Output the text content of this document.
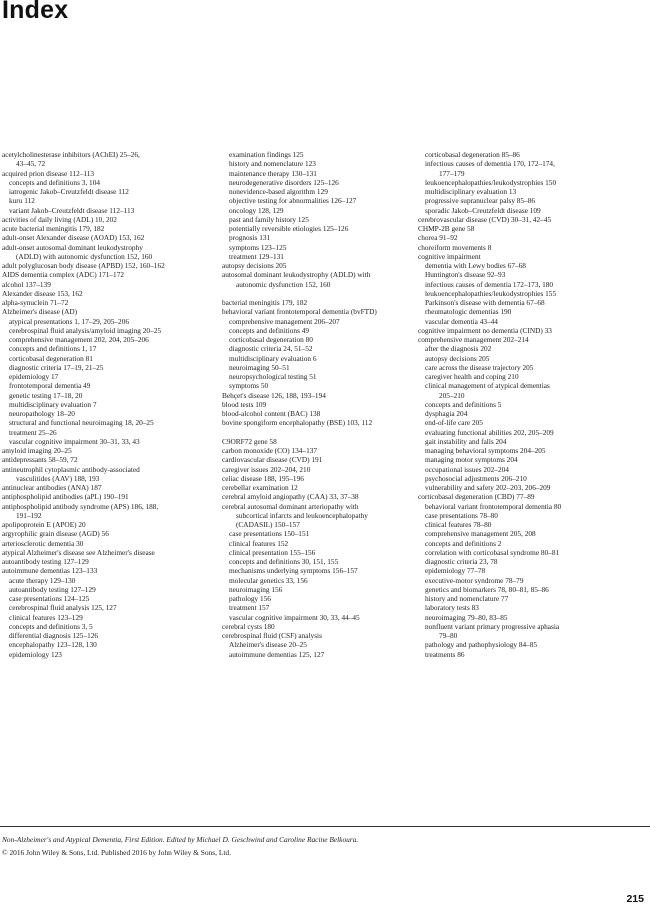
Index
acetylcholinesterase inhibitors (AChEI) 25–26,
43–45, 72
acquired prion disease 112–113
concepts and definitions 3, 104
iatrogenic Jakob–Creutzfeldt disease 112
kuru 112
variant Jakob–Creutzfeldt disease 112–113
activities of daily living (ADL) 10, 202
acute bacterial meningitis 179, 182
adult-onset Alexander disease (AOAD) 153, 162
adult-onset autosomal dominant leukodystrophy
(ADLD) with autonomic dysfunction 152, 160
adult polyglucosan body disease (APBD) 152, 160–162
AIDS dementia complex (ADC) 171–172
alcohol 137–139
Alexander disease 153, 162
alpha-synuclein 71–72
Alzheimer's disease (AD)
atypical presentations 1, 17–29, 205–206
cerebrospinal fluid analysis/amyloid imaging 20–25
comprehensive management 202, 204, 205–206
concepts and definitions 1, 17
corticobasal degeneration 81
diagnostic criteria 17–19, 21–25
epidemiology 17
frontotemporal dementia 49
genetic testing 17–18, 20
multidisciplinary evaluation 7
neuropathology 18–20
structural and functional neuroimaging 18, 20–25
treatment 25–26
vascular cognitive impairment 30–31, 33, 43
amyloid imaging 20–25
antidepressants 58–59, 72
antineutrophil cytoplasmic antibody-associated
vasculitides (AAV) 188, 193
antinuclear antibodies (ANA) 187
antiphospholipid antibodies (aPL) 190–191
antiphospholipid antibody syndrome (APS) 186, 188,
191–192
apolipoprotein E (APOE) 20
argyrophilic grain disease (AGD) 56
arteriosclerotic dementia 30
atypical Alzheimer's disease see Alzheimer's disease
autoantibody testing 127–129
autoimmune dementias 123–133
acute therapy 129–130
autoantibody testing 127–129
case presentations 124–125
cerebrospinal fluid analysis 125, 127
clinical features 123–129
concepts and definitions 3, 5
differential diagnosis 125–126
encephalopathy 123–128, 130
epidemiology 123
examination findings 125
history and nomenclature 123
maintenance therapy 130–131
neurodegenerative disorders 125–126
nonevidence-based algorithm 129
objective testing for abnormalities 126–127
oncology 128, 129
past and family history 125
potentially reversible etiologies 125–126
prognosis 131
symptoms 123–125
treatment 129–131
autopsy decisions 205
autosomal dominant leukodystrophy (ADLD) with
autonomic dysfunction 152, 160
bacterial meningitis 179, 182
behavioral variant frontotemporal dementia (bvFTD)
comprehensive management 206–207
concepts and definitions 49
corticobasal degeneration 80
diagnostic criteria 24, 51–52
multidisciplinary evaluation 6
neuroimaging 50–51
neuropsychological testing 51
symptoms 50
Behçet's disease 126, 188, 193–194
blood tests 109
blood-alcohol content (BAC) 138
bovine spongiform encephalopathy (BSE) 103, 112
C9ORF72 gene 58
carbon monoxide (CO) 134–137
cardiovascular disease (CVD) 191
caregiver issues 202–204, 210
celiac disease 188, 195–196
cerebellar examination 12
cerebral amyloid angiopathy (CAA) 33, 37–38
cerebral autosomal dominant arteriopathy with
subcortical infarcts and leukoencephalopathy
(CADASIL) 150–157
case presentations 150–151
clinical features 152
clinical presentation 155–156
concepts and definitions 30, 151, 155
mechanisms underlying symptoms 156–157
molecular genetics 33, 156
neuroimaging 156
pathology 156
treatment 157
vascular cognitive impairment 30, 33, 44–45
cerebral cysts 180
cerebrospinal fluid (CSF) analysis
Alzheimer's disease 20–25
autoimmune dementias 125, 127
corticobasal degeneration 85–86
infectious causes of dementia 170, 172–174,
177–179
leukoencephalopathies/leukodystrophies 150
multidisciplinary evaluation 13
progressive supranuclear palsy 85–86
sporadic Jakob–Creutzfeldt disease 109
cerebrovascular disease (CVD) 30–31, 42–45
CHMP-2B gene 58
chorea 91–92
choreiform movements 8
cognitive impairment
dementia with Lewy bodies 67–68
Huntington's disease 92–93
infectious causes of dementia 172–173, 180
leukoencephalopathies/leukodystrophies 155
Parkinson's disease with dementia 67–68
rheumatologic dementias 190
vascular dementia 43–44
cognitive impairment no dementia (CIND) 33
comprehensive management 202–214
after the diagnosis 202
autopsy decisions 205
care across the disease trajectory 205
caregiver health and coping 210
clinical management of atypical dementias
205–210
concepts and definitions 5
dysphagia 204
end-of-life care 205
evaluating functional abilities 202, 205–209
gait instability and falls 204
managing behavioral symptoms 204–205
managing motor symptoms 204
occupational issues 202–204
psychosocial adjustments 206–210
vulnerability and safety 202–203, 206–209
corticobasal degeneration (CBD) 77–89
behavioral variant frontotemporal dementia 80
case presentations 78–80
clinical features 78–80
comprehensive management 205, 208
concepts and definitions 2
correlation with corticobasal syndrome 80–81
diagnostic criteria 23, 78
epidemiology 77–78
executive-motor syndrome 78–79
genetics and biomarkers 78, 80–81, 85–86
history and nomenclature 77
laboratory tests 83
neuroimaging 79–80, 83–85
nonfluent variant primary progressive aphasia
79–80
pathology and pathophysiology 84–85
treatments 86
Non-Alzheimer's and Atypical Dementia, First Edition. Edited by Michael D. Geschwind and Caroline Racine Belkoura.
© 2016 John Wiley & Sons, Ltd. Published 2016 by John Wiley & Sons, Ltd.
215
